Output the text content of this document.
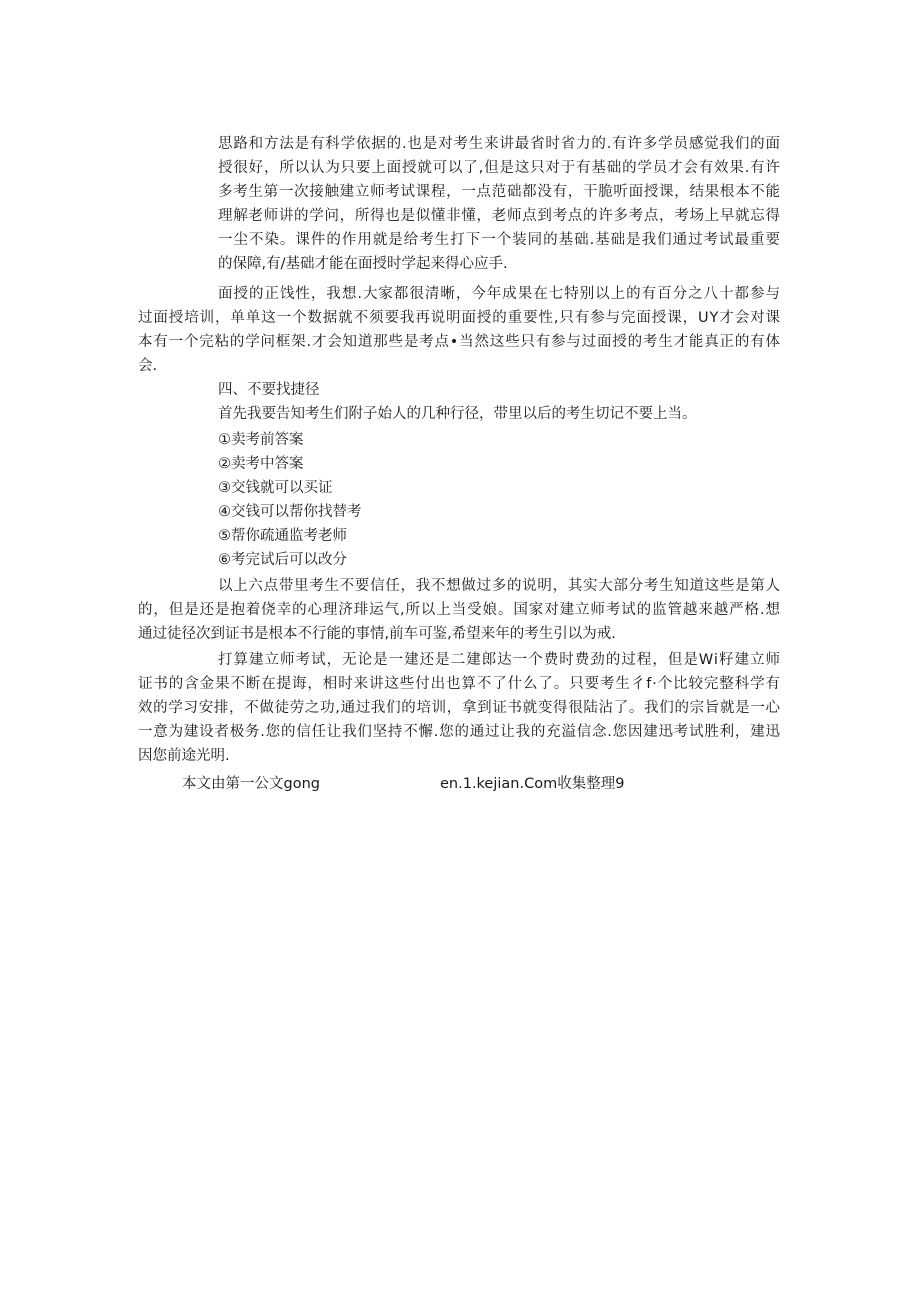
思路和方法是有科学依据的.也是对考生来讲最省时省力的.有许多学员感觉我们的面
授很好，所以认为只要上面授就可以了,但是这只对于有基础的学员才会有效果.有许
多考生第一次接触建立师考试课程，一点范础都没有，干脆听面授课，结果根本不能
理解老师讲的学问，所得也是似懂非懂，老师点到考点的许多考点，考场上早就忘得
一尘不染。课件的作用就是给考生打下一个装同的基础.基础是我们通过考试最重要
的保障,有/基础才能在面授时学起来得心应手.
面授的正饯性，我想.大家都很清晰，今年成果在七特别以上的有百分之八十都参与
过面授培训，单单这一个数据就不须要我再说明面授的重要性,只有参与完面授课，UY才会对课
本有一个完粘的学问框架.才会知道那些是考点•当然这些只有参与过面授的考生才能真正的有体
会.
四、不要找捷径
首先我要告知考生们附子始人的几种行径，带里以后的考生切记不要上当。
①卖考前答案
②卖考中答案
③交钱就可以买证
④交钱可以帮你找替考
⑤帮你疏通监考老师
⑥考完试后可以改分
以上六点带里考生不要信任，我不想做过多的说明，其实大部分考生知道这些是第人
的，但是还是抱着侥幸的心理济琲运气,所以上当受娘。国家对建立师考试的监管越来越严格.想
通过徒径次到证书是根本不行能的事情,前车可鉴,希望来年的考生引以为戒.
打算建立师考试，无论是一建还是二建郎达一个费时费劲的过程，但是Wi籽建立师
证书的含金果不断在提诲，相时来讲这些付出也算不了什么了。只要考生彳f·个比较完整科学有
效的学习安排，不做徒劳之功,通过我们的培训，拿到证书就变得很陆沾了。我们的宗旨就是一心
一意为建设者极务.您的信任让我们坚持不懈.您的通过让我的充溢信念.您因建迅考试胜利，建迅
因您前途光明.
本文由第一公文gong	en.1.kejian.Com收集整理9
